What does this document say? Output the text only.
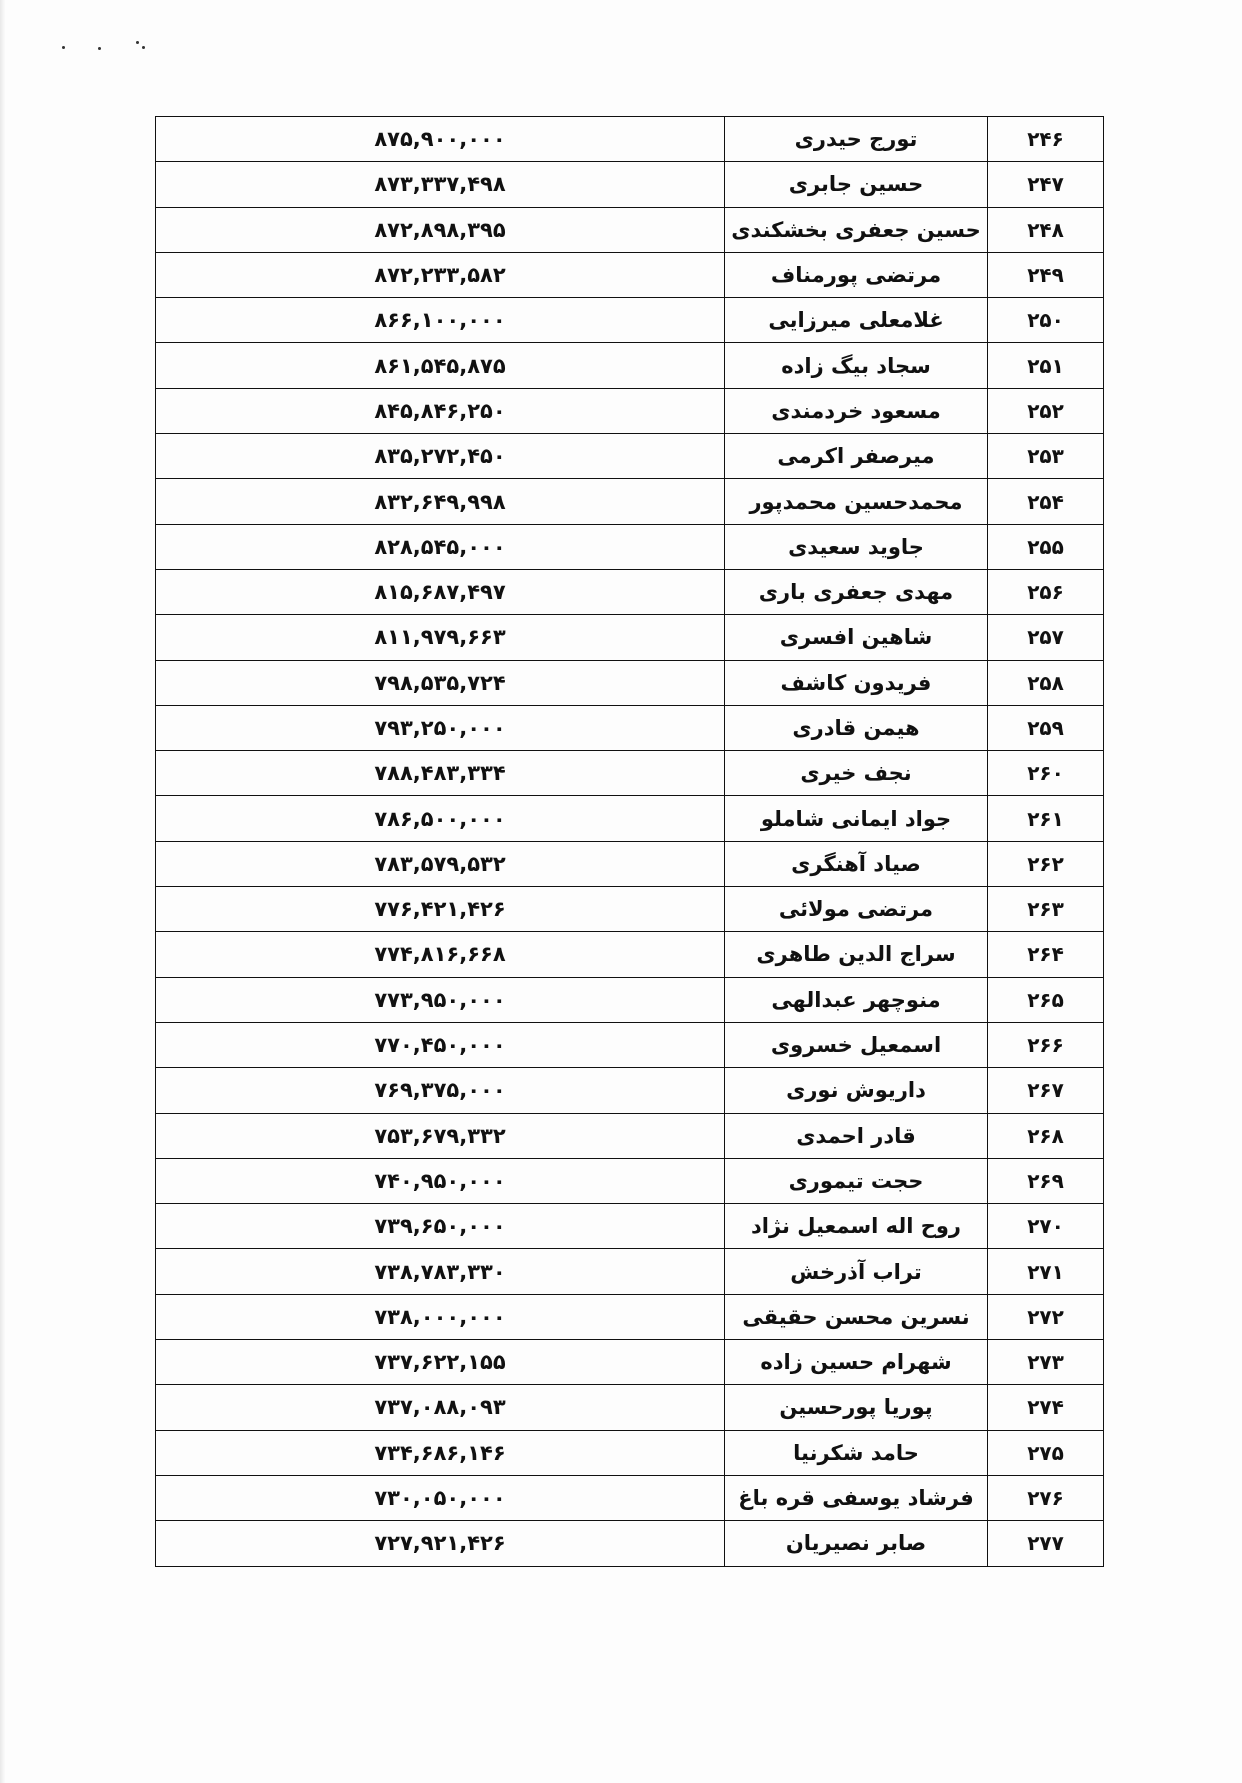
۲۴۶	تورج حیدری	۸۷۵,۹۰۰,۰۰۰
۲۴۷	حسین جابری	۸۷۳,۳۳۷,۴۹۸
۲۴۸	حسین جعفری بخشکندی	۸۷۲,۸۹۸,۳۹۵
۲۴۹	مرتضی پورمناف	۸۷۲,۲۳۳,۵۸۲
۲۵۰	غلامعلی میرزایی	۸۶۶,۱۰۰,۰۰۰
۲۵۱	سجاد بیگ زاده	۸۶۱,۵۴۵,۸۷۵
۲۵۲	مسعود خردمندی	۸۴۵,۸۴۶,۲۵۰
۲۵۳	میرصفر اکرمی	۸۳۵,۲۷۲,۴۵۰
۲۵۴	محمدحسین محمدپور	۸۳۲,۶۴۹,۹۹۸
۲۵۵	جاوید سعیدی	۸۲۸,۵۴۵,۰۰۰
۲۵۶	مهدی جعفری باری	۸۱۵,۶۸۷,۴۹۷
۲۵۷	شاهین افسری	۸۱۱,۹۷۹,۶۶۳
۲۵۸	فریدون کاشف	۷۹۸,۵۳۵,۷۲۴
۲۵۹	هیمن قادری	۷۹۳,۲۵۰,۰۰۰
۲۶۰	نجف خیری	۷۸۸,۴۸۳,۳۳۴
۲۶۱	جواد ایمانی شاملو	۷۸۶,۵۰۰,۰۰۰
۲۶۲	صیاد آهنگری	۷۸۳,۵۷۹,۵۳۲
۲۶۳	مرتضی مولائی	۷۷۶,۴۲۱,۴۲۶
۲۶۴	سراج الدین طاهری	۷۷۴,۸۱۶,۶۶۸
۲۶۵	منوچهر عبدالهی	۷۷۳,۹۵۰,۰۰۰
۲۶۶	اسمعیل خسروی	۷۷۰,۴۵۰,۰۰۰
۲۶۷	داریوش نوری	۷۶۹,۳۷۵,۰۰۰
۲۶۸	قادر احمدی	۷۵۳,۶۷۹,۳۳۲
۲۶۹	حجت تیموری	۷۴۰,۹۵۰,۰۰۰
۲۷۰	روح اله اسمعیل نژاد	۷۳۹,۶۵۰,۰۰۰
۲۷۱	تراب آذرخش	۷۳۸,۷۸۳,۳۳۰
۲۷۲	نسرین محسن حقیقی	۷۳۸,۰۰۰,۰۰۰
۲۷۳	شهرام حسین زاده	۷۳۷,۶۲۲,۱۵۵
۲۷۴	پوریا پورحسین	۷۳۷,۰۸۸,۰۹۳
۲۷۵	حامد شکرنیا	۷۳۴,۶۸۶,۱۴۶
۲۷۶	فرشاد یوسفی قره باغ	۷۳۰,۰۵۰,۰۰۰
۲۷۷	صابر نصیریان	۷۲۷,۹۲۱,۴۲۶
